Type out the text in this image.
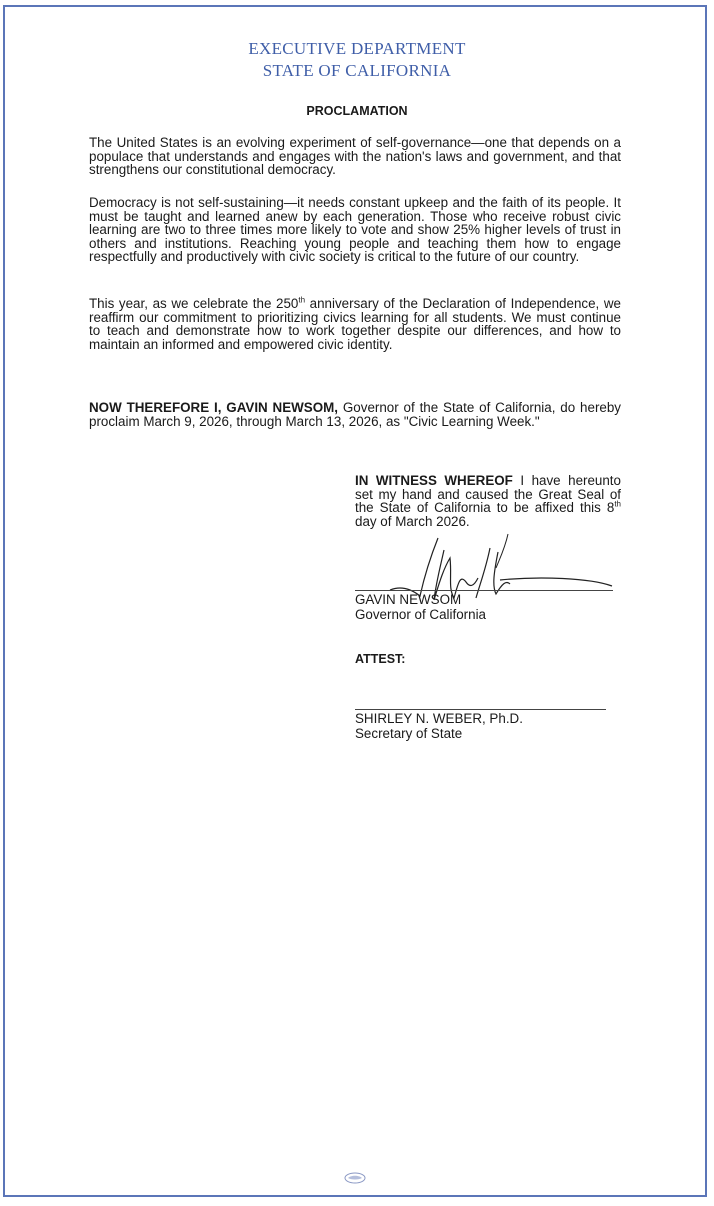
EXECUTIVE DEPARTMENT
STATE OF CALIFORNIA
PROCLAMATION

The United States is an evolving experiment of self-governance—one that depends on a populace that understands and engages with the nation's laws and government, and that strengthens our constitutional democracy.

Democracy is not self-sustaining—it needs constant upkeep and the faith of its people. It must be taught and learned anew by each generation. Those who receive robust civic learning are two to three times more likely to vote and show 25% higher levels of trust in others and institutions. Reaching young people and teaching them how to engage respectfully and productively with civic society is critical to the future of our country.

This year, as we celebrate the 250th anniversary of the Declaration of Independence, we reaffirm our commitment to prioritizing civics learning for all students. We must continue to teach and demonstrate how to work together despite our differences, and how to maintain an informed and empowered civic identity.

NOW THEREFORE I, GAVIN NEWSOM, Governor of the State of California, do hereby proclaim March 9, 2026, through March 13, 2026, as "Civic Learning Week."

IN WITNESS WHEREOF I have hereunto set my hand and caused the Great Seal of the State of California to be affixed this 8th day of March 2026.

GAVIN NEWSOM
Governor of California
ATTEST:
SHIRLEY N. WEBER, Ph.D.
Secretary of State
